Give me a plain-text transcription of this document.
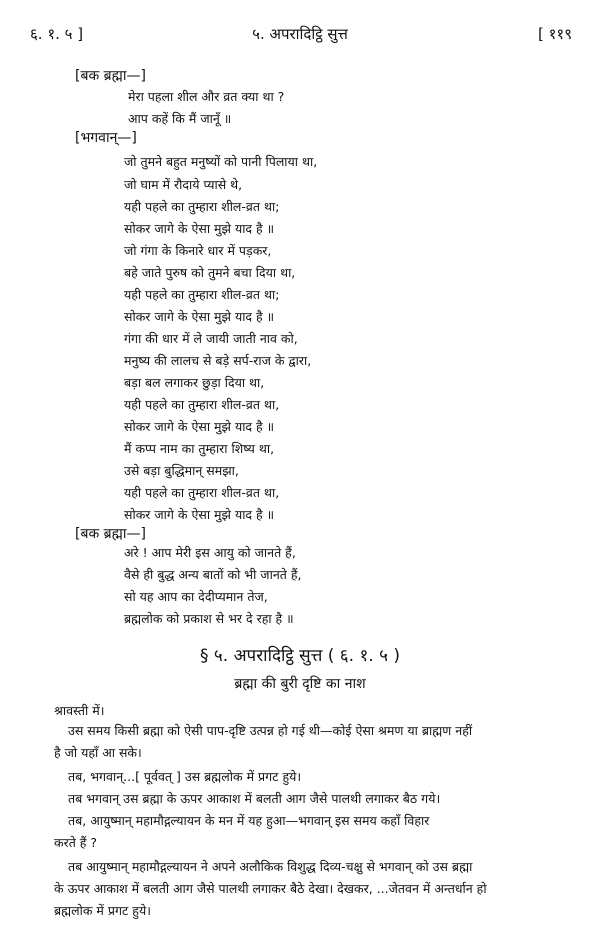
६. १. ५ ]	५. अपरादिट्ठि सुत्त	[ ११९
[बक ब्रह्मा—]
मेरा पहला शील और व्रत क्या था ?
आप कहें कि मैं जानूँ ॥
[भगवान्—]
जो तुमने बहुत मनुष्यों को पानी पिलाया था,
जो घाम में रौदाये प्यासे थे,
यही पहले का तुम्हारा शील-व्रत था;
सोकर जागे के ऐसा मुझे याद है ॥
जो गंगा के किनारे धार में पड़कर,
बहे जाते पुरुष को तुमने बचा दिया था,
यही पहले का तुम्हारा शील-व्रत था;
सोकर जागे के ऐसा मुझे याद है ॥
गंगा की धार में ले जायी जाती नाव को,
मनुष्य की लालच से बड़े सर्प-राज के द्वारा,
बड़ा बल लगाकर छुड़ा दिया था,
यही पहले का तुम्हारा शील-व्रत था,
सोकर जागे के ऐसा मुझे याद है ॥
मैं कप्प नाम का तुम्हारा शिष्य था,
उसे बड़ा बुद्धिमान् समझा,
यही पहले का तुम्हारा शील-व्रत था,
सोकर जागे के ऐसा मुझे याद है ॥
[बक ब्रह्मा—]
अरे ! आप मेरी इस आयु को जानते हैं,
वैसे ही बुद्ध अन्य बातों को भी जानते हैं,
सो यह आप का देदीप्यमान तेज,
ब्रह्मलोक को प्रकाश से भर दे रहा है ॥
§ ५. अपरादिट्ठि सुत्त ( ६. १. ५ )
ब्रह्मा की बुरी दृष्टि का नाश
श्रावस्ती में।
उस समय किसी ब्रह्मा को ऐसी पाप-दृष्टि उत्पन्न हो गई थी—कोई ऐसा श्रमण या ब्राह्मण नहीं
है जो यहाँ आ सके।
तब, भगवान्...[ पूर्ववत् ] उस ब्रह्मलोक में प्रगट हुये।
तब भगवान् उस ब्रह्मा के ऊपर आकाश में बलती आग जैसे पालथी लगाकर बैठ गये।
तब, आयुष्मान् महामौद्गल्यायन के मन में यह हुआ—भगवान् इस समय कहाँ विहार
करते हैं ?
तब आयुष्मान् महामौद्गल्यायन ने अपने अलौकिक विशुद्ध दिव्य-चक्षु से भगवान् को उस ब्रह्मा
के ऊपर आकाश में बलती आग जैसे पालथी लगाकर बैठे देखा। देखकर, ...जेतवन में अन्तर्धान हो
ब्रह्मलोक में प्रगट हुये।
